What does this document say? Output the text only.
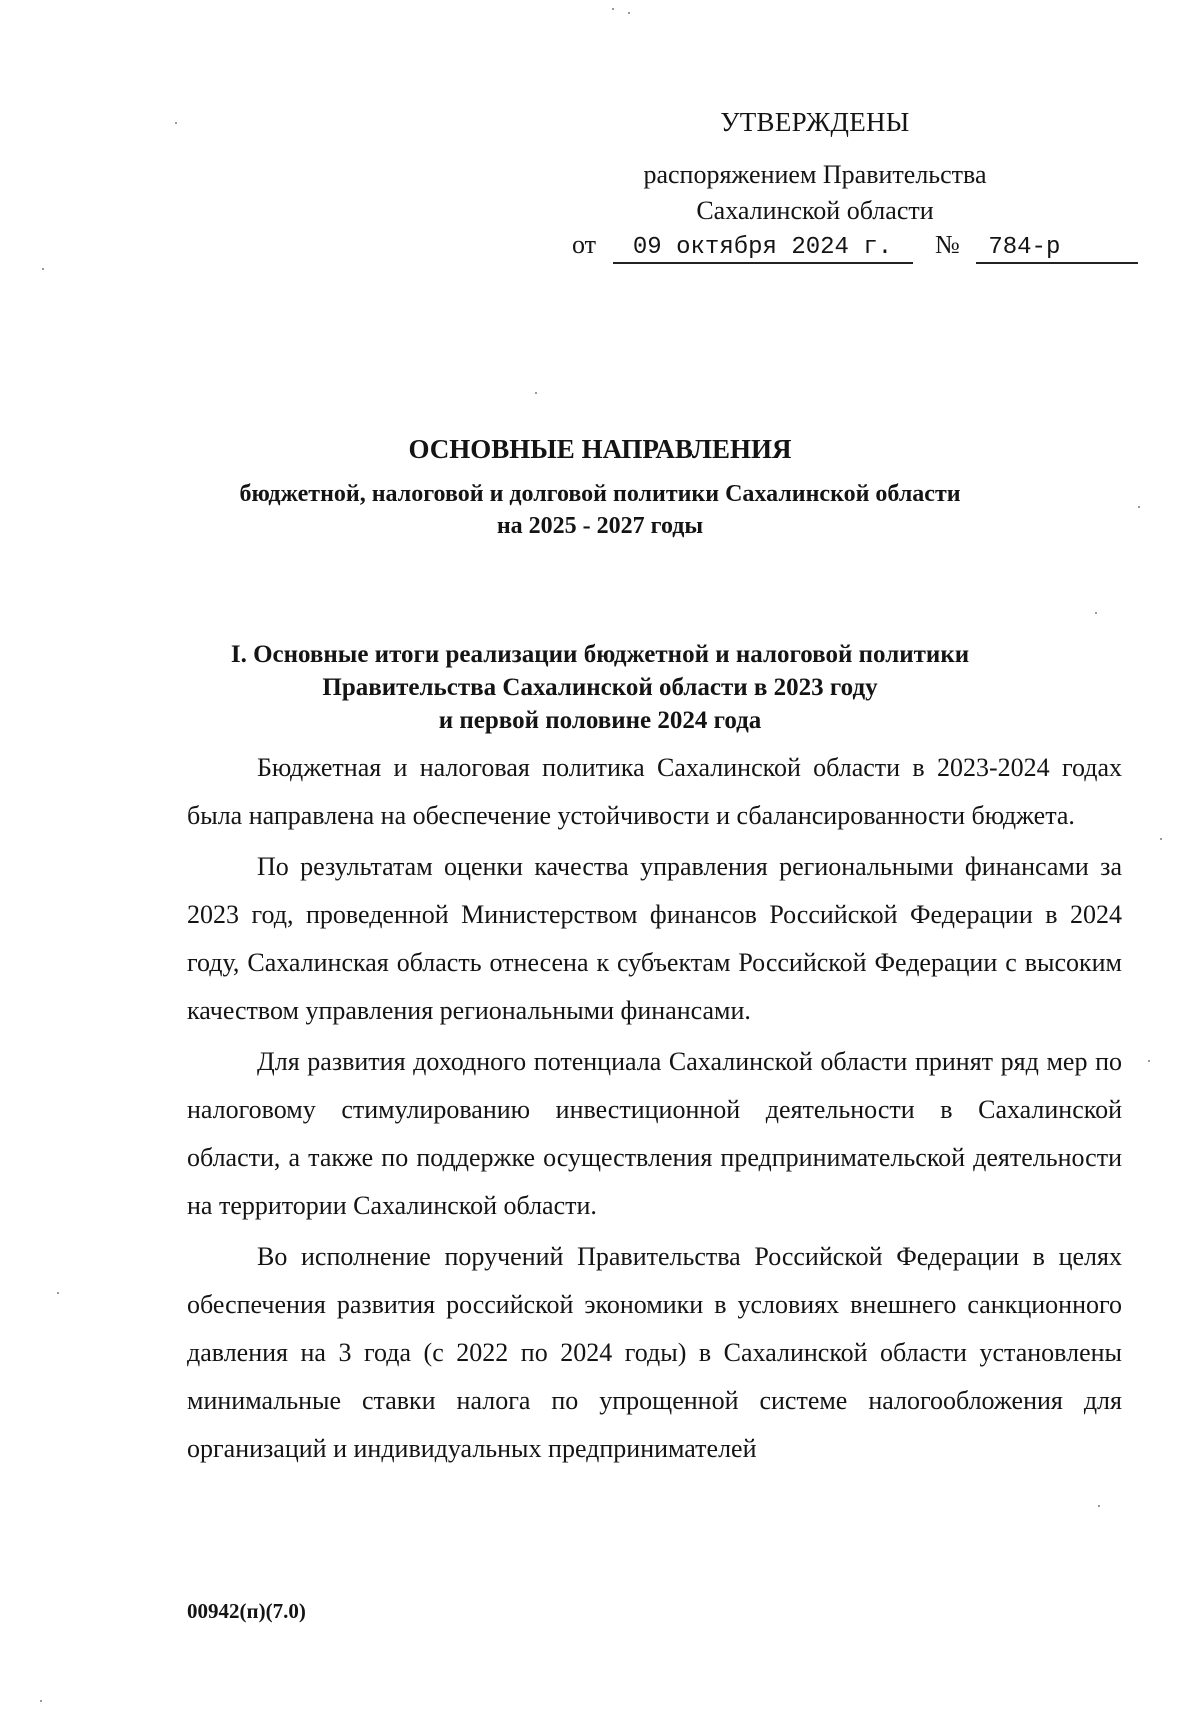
УТВЕРЖДЕНЫ
распоряжением Правительства
Сахалинской области
от 09 октября 2024 г. № 784-р
ОСНОВНЫЕ НАПРАВЛЕНИЯ
бюджетной, налоговой и долговой политики Сахалинской области
на 2025 - 2027 годы
I. Основные итоги реализации бюджетной и налоговой политики
Правительства Сахалинской области в 2023 году
и первой половине 2024 года

Бюджетная и налоговая политика Сахалинской области в 2023-2024 годах была направлена на обеспечение устойчивости и сбалансированности бюджета.

По результатам оценки качества управления региональными финансами за 2023 год, проведенной Министерством финансов Российской Федерации в 2024 году, Сахалинская область отнесена к субъектам Российской Федерации с высоким качеством управления региональными финансами.

Для развития доходного потенциала Сахалинской области принят ряд мер по налоговому стимулированию инвестиционной деятельности в Сахалинской области, а также по поддержке осуществления предпринимательской деятельности на территории Сахалинской области.

Во исполнение поручений Правительства Российской Федерации в целях обеспечения развития российской экономики в условиях внешнего санкционного давления на 3 года (с 2022 по 2024 годы) в Сахалинской области установлены минимальные ставки налога по упрощенной системе налогообложения для организаций и индивидуальных предпринимателей

00942(п)(7.0)
